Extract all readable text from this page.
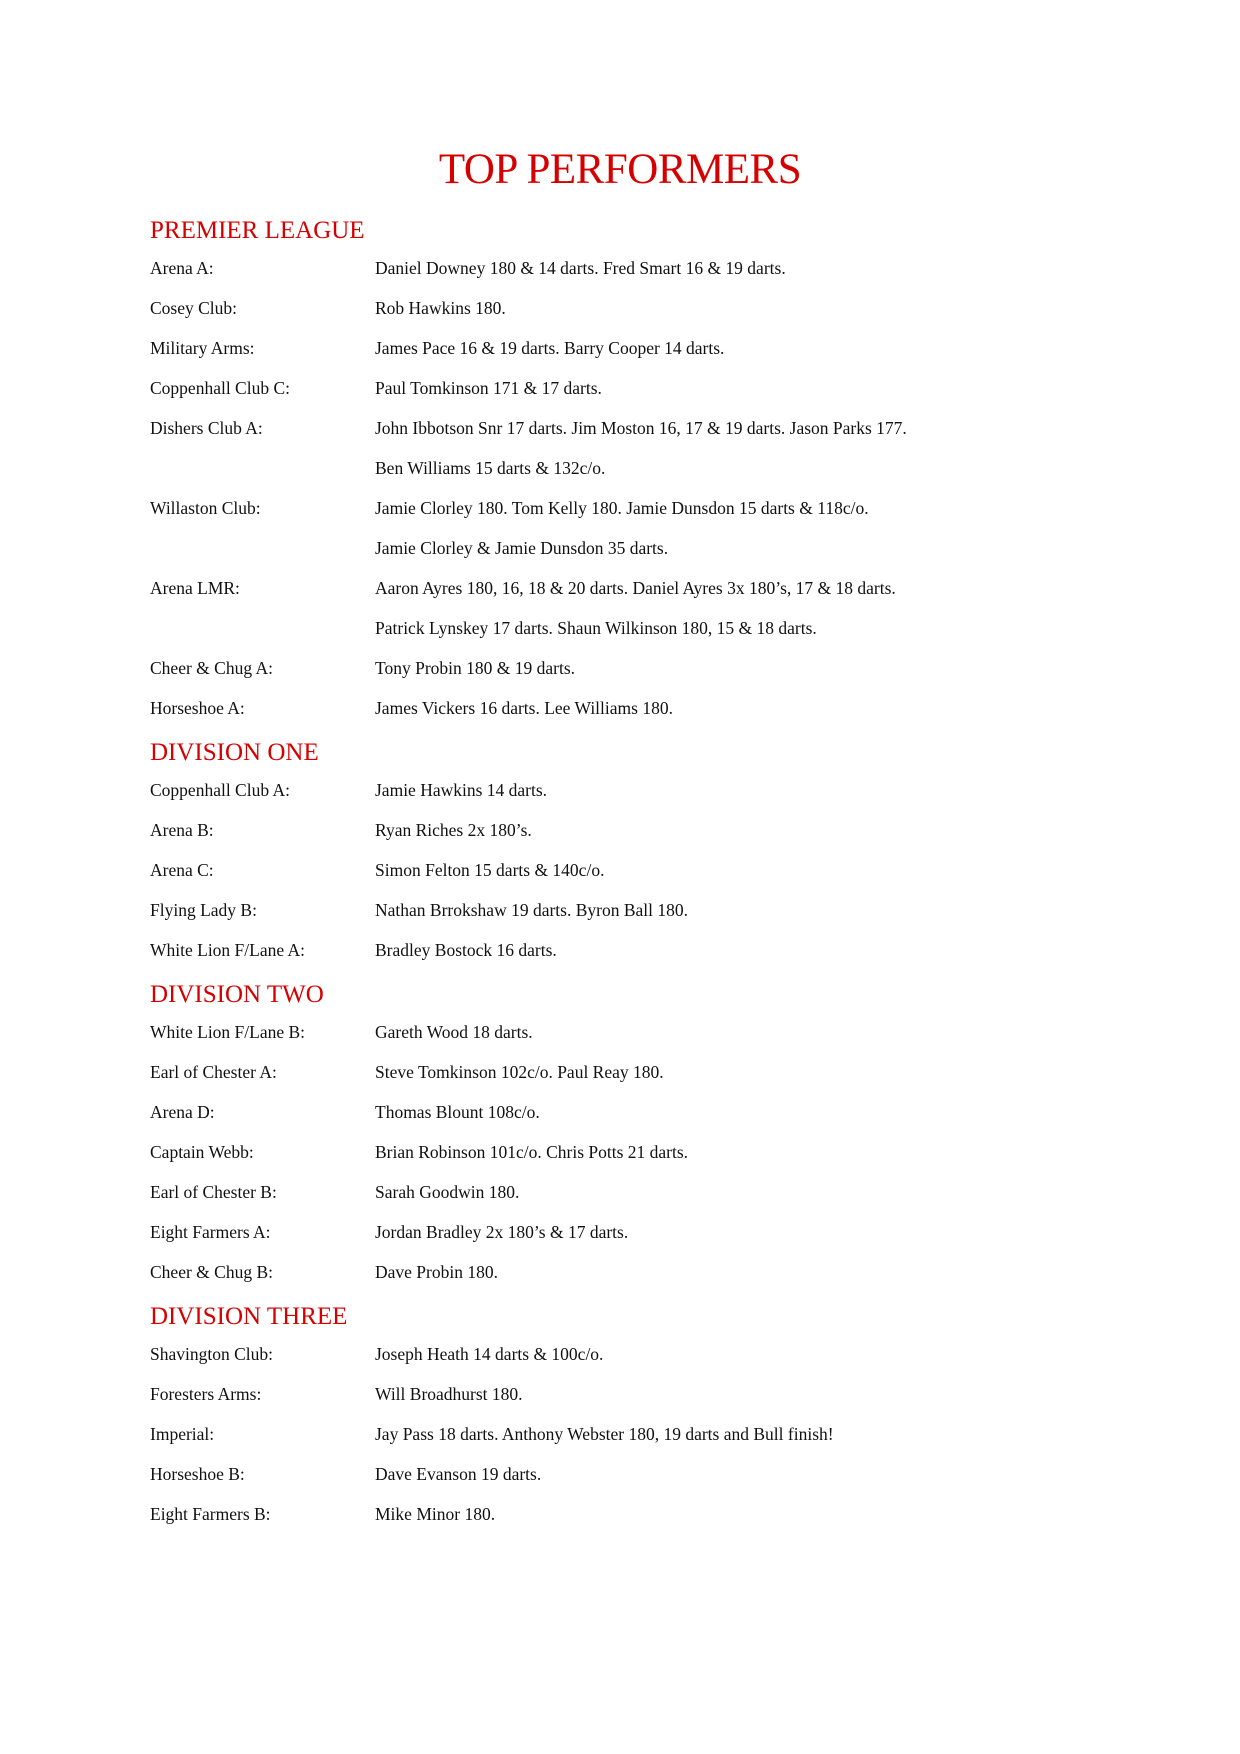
TOP PERFORMERS
PREMIER LEAGUE
Arena A:	Daniel Downey 180 & 14 darts. Fred Smart 16 & 19 darts.
Cosey Club:	Rob Hawkins 180.
Military Arms:	James Pace 16 & 19 darts. Barry Cooper 14 darts.
Coppenhall Club C:	Paul Tomkinson 171 & 17 darts.
Dishers Club A:	John Ibbotson Snr 17 darts. Jim Moston 16, 17 & 19 darts. Jason Parks 177.
Ben Williams 15 darts & 132c/o.
Willaston Club:	Jamie Clorley 180. Tom Kelly 180. Jamie Dunsdon 15 darts & 118c/o.
Jamie Clorley & Jamie Dunsdon 35 darts.
Arena LMR:	Aaron Ayres 180, 16, 18 & 20 darts. Daniel Ayres 3x 180’s, 17 & 18 darts.
Patrick Lynskey 17 darts. Shaun Wilkinson 180, 15 & 18 darts.
Cheer & Chug A:	Tony Probin 180 & 19 darts.
Horseshoe A:	James Vickers 16 darts. Lee Williams 180.
DIVISION ONE
Coppenhall Club A:	Jamie Hawkins 14 darts.
Arena B:	Ryan Riches 2x 180’s.
Arena C:	Simon Felton 15 darts & 140c/o.
Flying Lady B:	Nathan Brrokshaw 19 darts. Byron Ball 180.
White Lion F/Lane A:	Bradley Bostock 16 darts.
DIVISION TWO
White Lion F/Lane B:	Gareth Wood 18 darts.
Earl of Chester A:	Steve Tomkinson 102c/o. Paul Reay 180.
Arena D:	Thomas Blount 108c/o.
Captain Webb:	Brian Robinson 101c/o. Chris Potts 21 darts.
Earl of Chester B:	Sarah Goodwin 180.
Eight Farmers A:	Jordan Bradley 2x 180’s & 17 darts.
Cheer & Chug B:	Dave Probin 180.
DIVISION THREE
Shavington Club:	Joseph Heath 14 darts & 100c/o.
Foresters Arms:	Will Broadhurst 180.
Imperial:	Jay Pass 18 darts. Anthony Webster 180, 19 darts and Bull finish!
Horseshoe B:	Dave Evanson 19 darts.
Eight Farmers B:	Mike Minor 180.
